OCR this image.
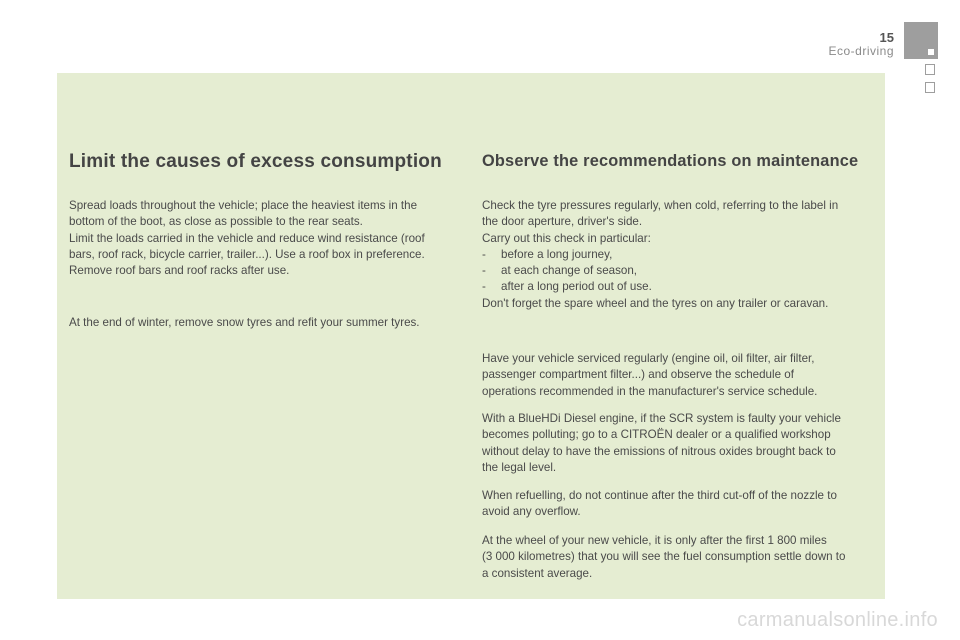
15
Eco-driving
Limit the causes of excess consumption

Spread loads throughout the vehicle; place the heaviest items in the
bottom of the boot, as close as possible to the rear seats.
Limit the loads carried in the vehicle and reduce wind resistance (roof
bars, roof rack, bicycle carrier, trailer...). Use a roof box in preference.
Remove roof bars and roof racks after use.

At the end of winter, remove snow tyres and refit your summer tyres.

Observe the recommendations on maintenance

Check the tyre pressures regularly, when cold, referring to the label in
the door aperture, driver's side.
Carry out this check in particular:
- before a long journey,
- at each change of season,
- after a long period out of use.
Don't forget the spare wheel and the tyres on any trailer or caravan.

Have your vehicle serviced regularly (engine oil, oil filter, air filter,
passenger compartment filter...) and observe the schedule of
operations recommended in the manufacturer's service schedule.

With a BlueHDi Diesel engine, if the SCR system is faulty your vehicle
becomes polluting; go to a CITROËN dealer or a qualified workshop
without delay to have the emissions of nitrous oxides brought back to
the legal level.

When refuelling, do not continue after the third cut-off of the nozzle to
avoid any overflow.

At the wheel of your new vehicle, it is only after the first 1 800 miles
(3 000 kilometres) that you will see the fuel consumption settle down to
a consistent average.

carmanualsonline.info
